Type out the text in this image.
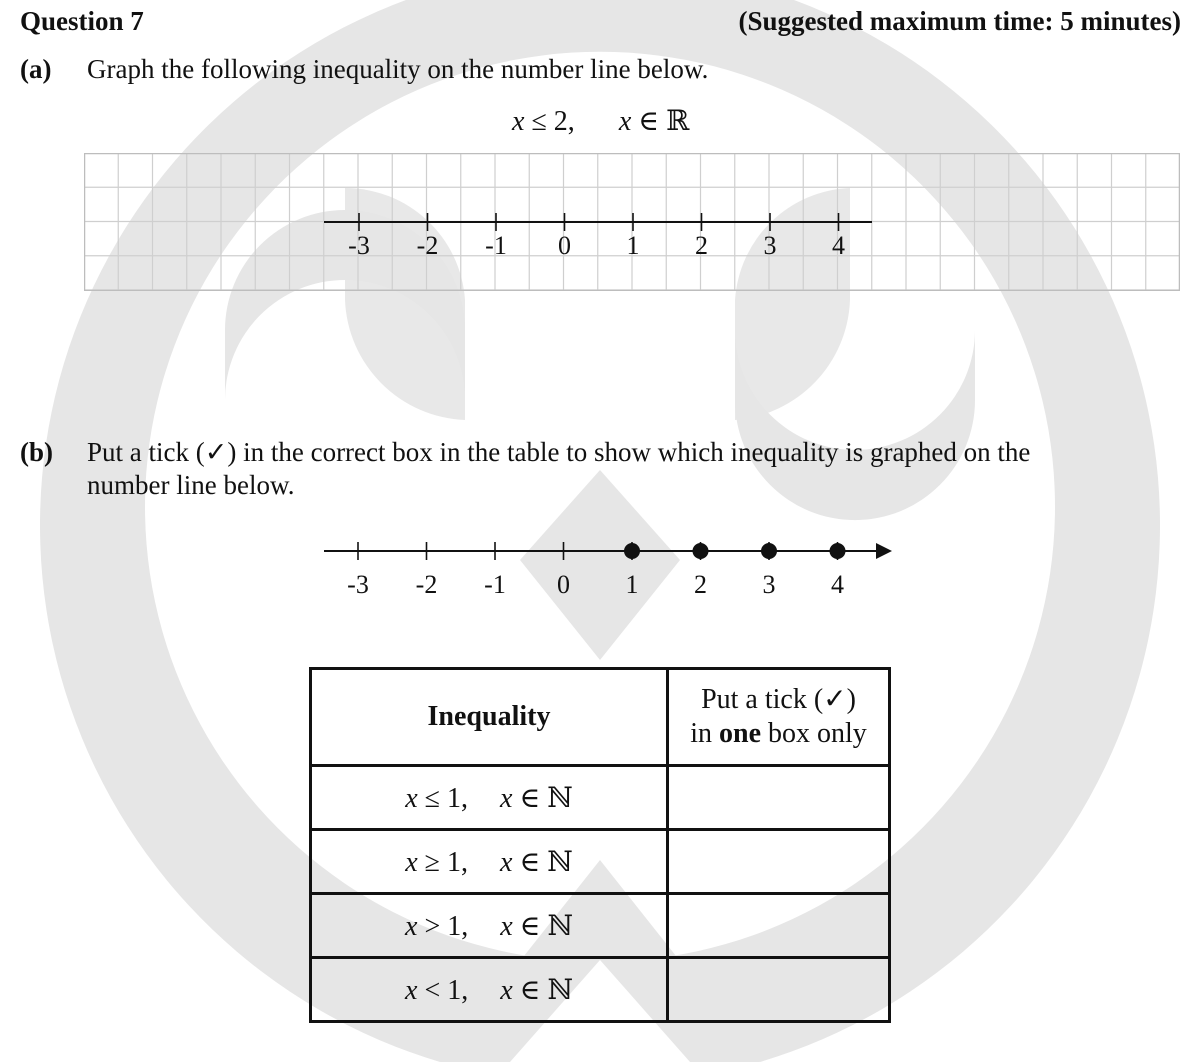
Question 7	(Suggested maximum time: 5 minutes)
(a) Graph the following inequality on the number line below.
x ≤ 2, x ∈ ℝ
-3 -2 -1 0 1 2 3 4
(b) Put a tick (✓) in the correct box in the table to show which inequality is graphed on the
number line below.
-3 -2 -1 0 1 2 3 4
Inequality	Put a tick (✓)
in one box only
x ≤ 1, x ∈ ℕ	
x ≥ 1, x ∈ ℕ	
x > 1, x ∈ ℕ	
x < 1, x ∈ ℕ	
